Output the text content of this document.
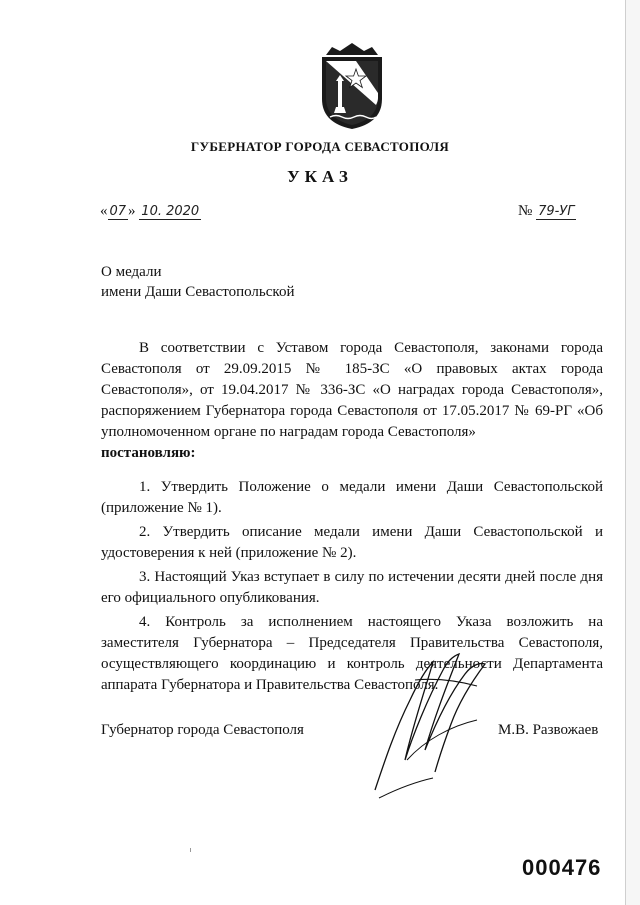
ГУБЕРНАТОР ГОРОДА СЕВАСТОПОЛЯ
УКАЗ
« 07 » 10. 2020	№ 79-УГ
О медали
имени Даши Севастопольской
В соответствии с Уставом города Севастополя, законами города Севастополя от 29.09.2015 № 185-ЗС «О правовых актах города Севастополя», от 19.04.2017 № 336-ЗС «О наградах города Севастополя», распоряжением Губернатора города Севастополя от 17.05.2017 № 69-РГ «Об уполномоченном органе по наградам города Севастополя»
постановляю:

1. Утвердить Положение о медали имени Даши Севастопольской (приложение № 1).

2. Утвердить описание медали имени Даши Севастопольской и удостоверения к ней (приложение № 2).

3. Настоящий Указ вступает в силу по истечении десяти дней после дня его официального опубликования.

4. Контроль за исполнением настоящего Указа возложить на заместителя Губернатора – Председателя Правительства Севастополя, осуществляющего координацию и контроль деятельности Департамента аппарата Губернатора и Правительства Севастополя.

Губернатор города Севастополя	М.В. Развожаев
000476
